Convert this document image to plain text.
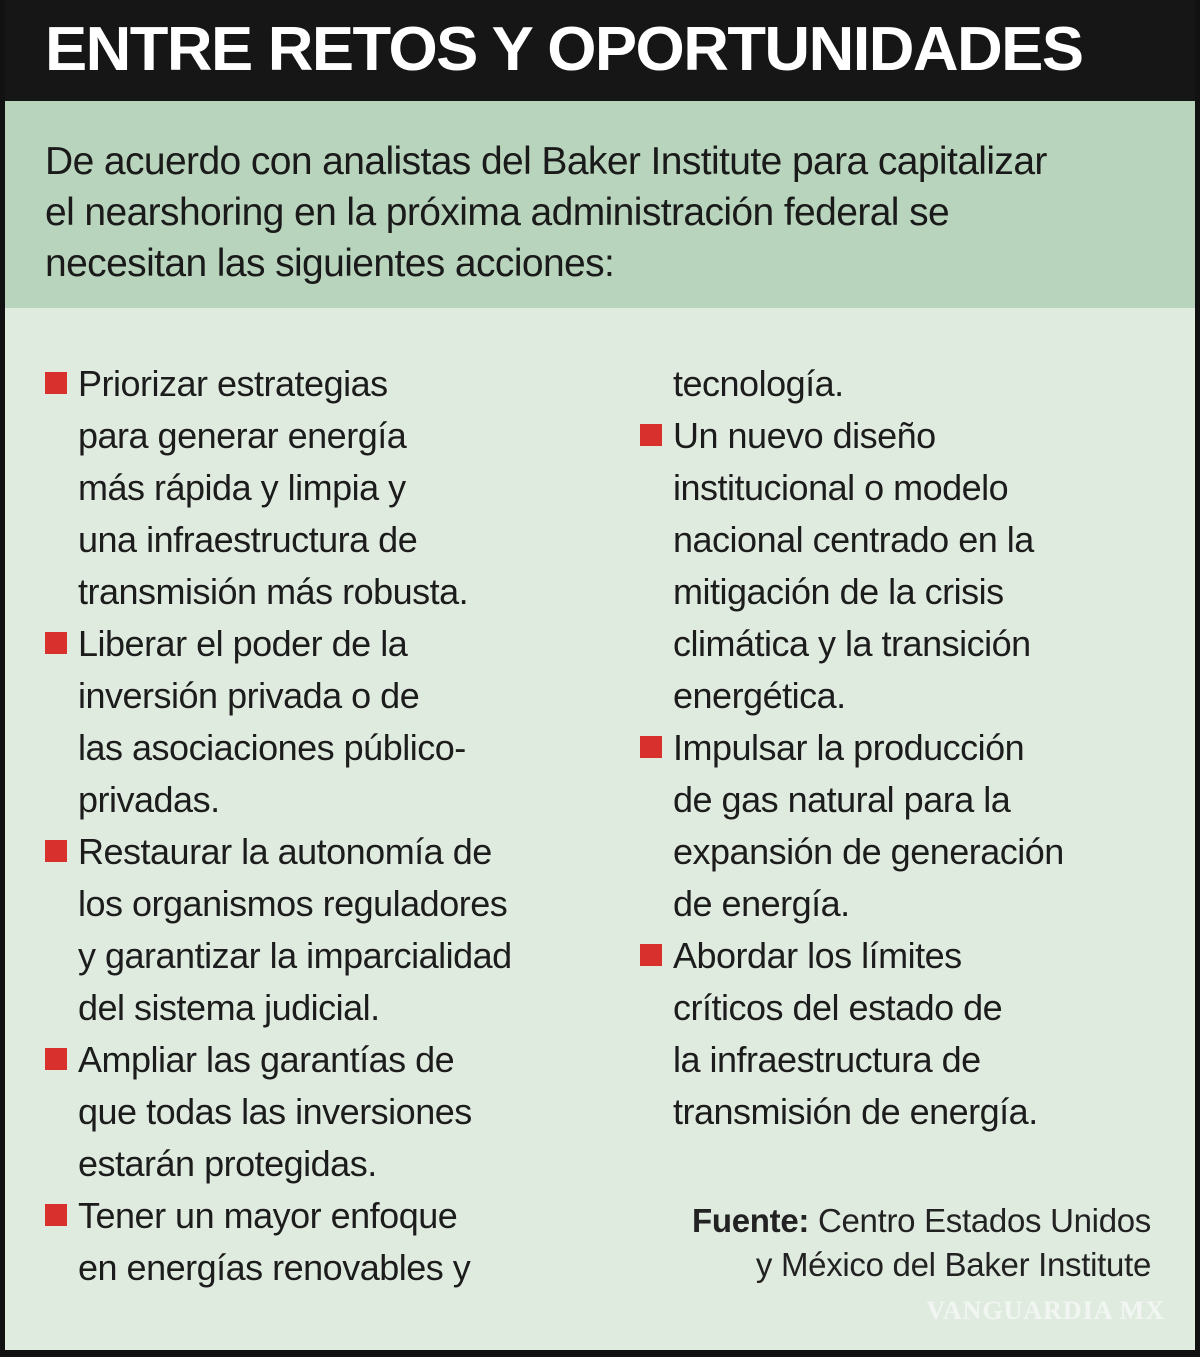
ENTRE RETOS Y OPORTUNIDADES
De acuerdo con analistas del Baker Institute para capitalizar
el nearshoring en la próxima administración federal se
necesitan las siguientes acciones:
Priorizar estrategias
para generar energía
más rápida y limpia y
una infraestructura de
transmisión más robusta.
Liberar el poder de la
inversión privada o de
las asociaciones público-
privadas.
Restaurar la autonomía de
los organismos reguladores
y garantizar la imparcialidad
del sistema judicial.
Ampliar las garantías de
que todas las inversiones
estarán protegidas.
Tener un mayor enfoque
en energías renovables y
tecnología.
Un nuevo diseño
institucional o modelo
nacional centrado en la
mitigación de la crisis
climática y la transición
energética.
Impulsar la producción
de gas natural para la
expansión de generación
de energía.
Abordar los límites
críticos del estado de
la infraestructura de
transmisión de energía.
Fuente: Centro Estados Unidos
y México del Baker Institute
VANGUARDIA MX
